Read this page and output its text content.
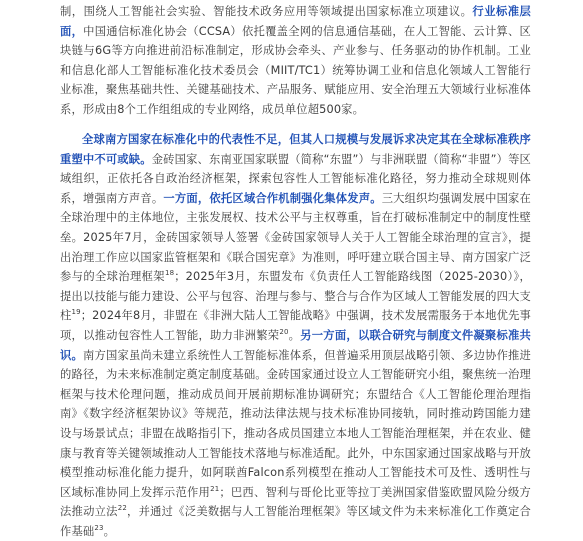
制，围绕人工智能社会实验、智能技术政务应用等领域提出国家标准立项建议。行业标准层面，中国通信标准化协会（CCSA）依托覆盖全网的信息通信基础，在人工智能、云计算、区块链与6G等方向推进前沿标准制定，形成协会牵头、产业参与、任务驱动的协作机制。工业和信息化部人工智能标准化技术委员会（MIIT/TC1）统筹协调工业和信息化领域人工智能行业标准，聚焦基础共性、关键基础技术、产品服务、赋能应用、安全治理五大领域行业标准体系，形成由8个工作组组成的专业网络，成员单位超500家。

全球南方国家在标准化中的代表性不足，但其人口规模与发展诉求决定其在全球标准秩序重塑中不可或缺。金砖国家、东南亚国家联盟（简称“东盟”）与非洲联盟（简称“非盟”）等区域组织，正依托各自政治经济框架，探索包容性人工智能标准化路径，努力推动全球规则体系，增强南方声音。一方面，依托区域合作机制强化集体发声。三大组织均强调发展中国家在全球治理中的主体地位，主张发展权、技术公平与主权尊重，旨在打破标准制定中的制度性壁垒。2025年7月，金砖国家领导人签署《金砖国家领导人关于人工智能全球治理的宣言》，提出治理工作应以国家监管框架和《联合国宪章》为准则，呼吁建立联合国主导、南方国家广泛参与的全球治理框架$^{18}$；2025年3月，东盟发布《负责任人工智能路线图（2025-2030）》，提出以技能与能力建设、公平与包容、治理与参与、整合与合作为区域人工智能发展的四大支柱$^{19}$；2024年8月，非盟在《非洲大陆人工智能战略》中强调，技术发展需服务于本地优先事项，以推动包容性人工智能，助力非洲繁荣$^{20}$。另一方面，以联合研究与制度文件凝聚标准共识。南方国家虽尚未建立系统性人工智能标准体系，但普遍采用顶层战略引领、多边协作推进的路径，为未来标准制定奠定制度基础。金砖国家通过设立人工智能研究小组，聚焦统一治理框架与技术伦理问题，推动成员间开展前期标准协调研究；东盟结合《人工智能伦理治理指南》《数字经济框架协议》等规范，推动法律法规与技术标准协同接轨，同时推动跨国能力建设与场景试点；非盟在战略指引下，推动各成员国建立本地人工智能治理框架，并在农业、健康与教育等关键领域推动人工智能技术落地与标准适配。此外，中东国家通过国家战略与开放模型推动标准化能力提升，如阿联酋Falcon系列模型在推动人工智能技术可及性、透明性与区域标准协同上发挥示范作用$^{21}$；巴西、智利与哥伦比亚等拉丁美洲国家借鉴欧盟风险分级方法推动立法$^{22}$，并通过《泛美数据与人工智能治理框架》等区域文件为未来标准化工作奠定合作基础$^{23}$。
